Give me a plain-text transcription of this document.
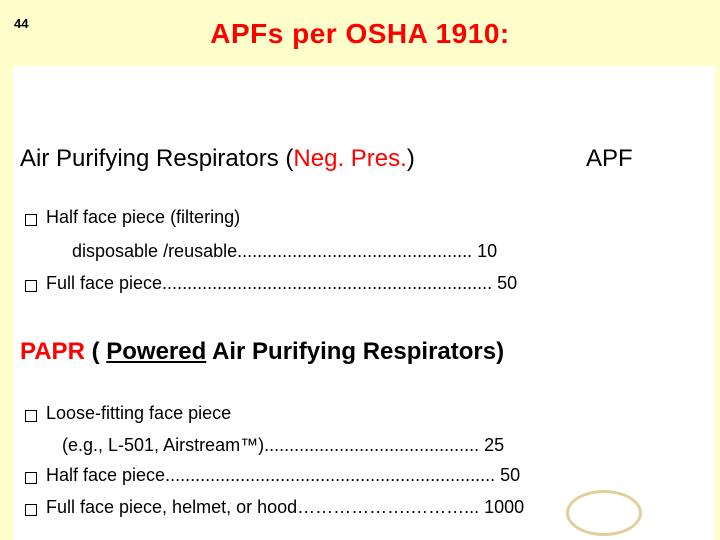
44	APFs per OSHA 1910:
Air Purifying Respirators (Neg. Pres.)	APF
Half face piece (filtering)
disposable /reusable............................................... 10
Full face piece.................................................................. 50
PAPR ( Powered Air Purifying Respirators)
Loose-fitting face piece
(e.g., L-501, Airstream™)........................................... 25
Half face piece.................................................................. 50
Full face piece, helmet, or hood……………….………... 1000
